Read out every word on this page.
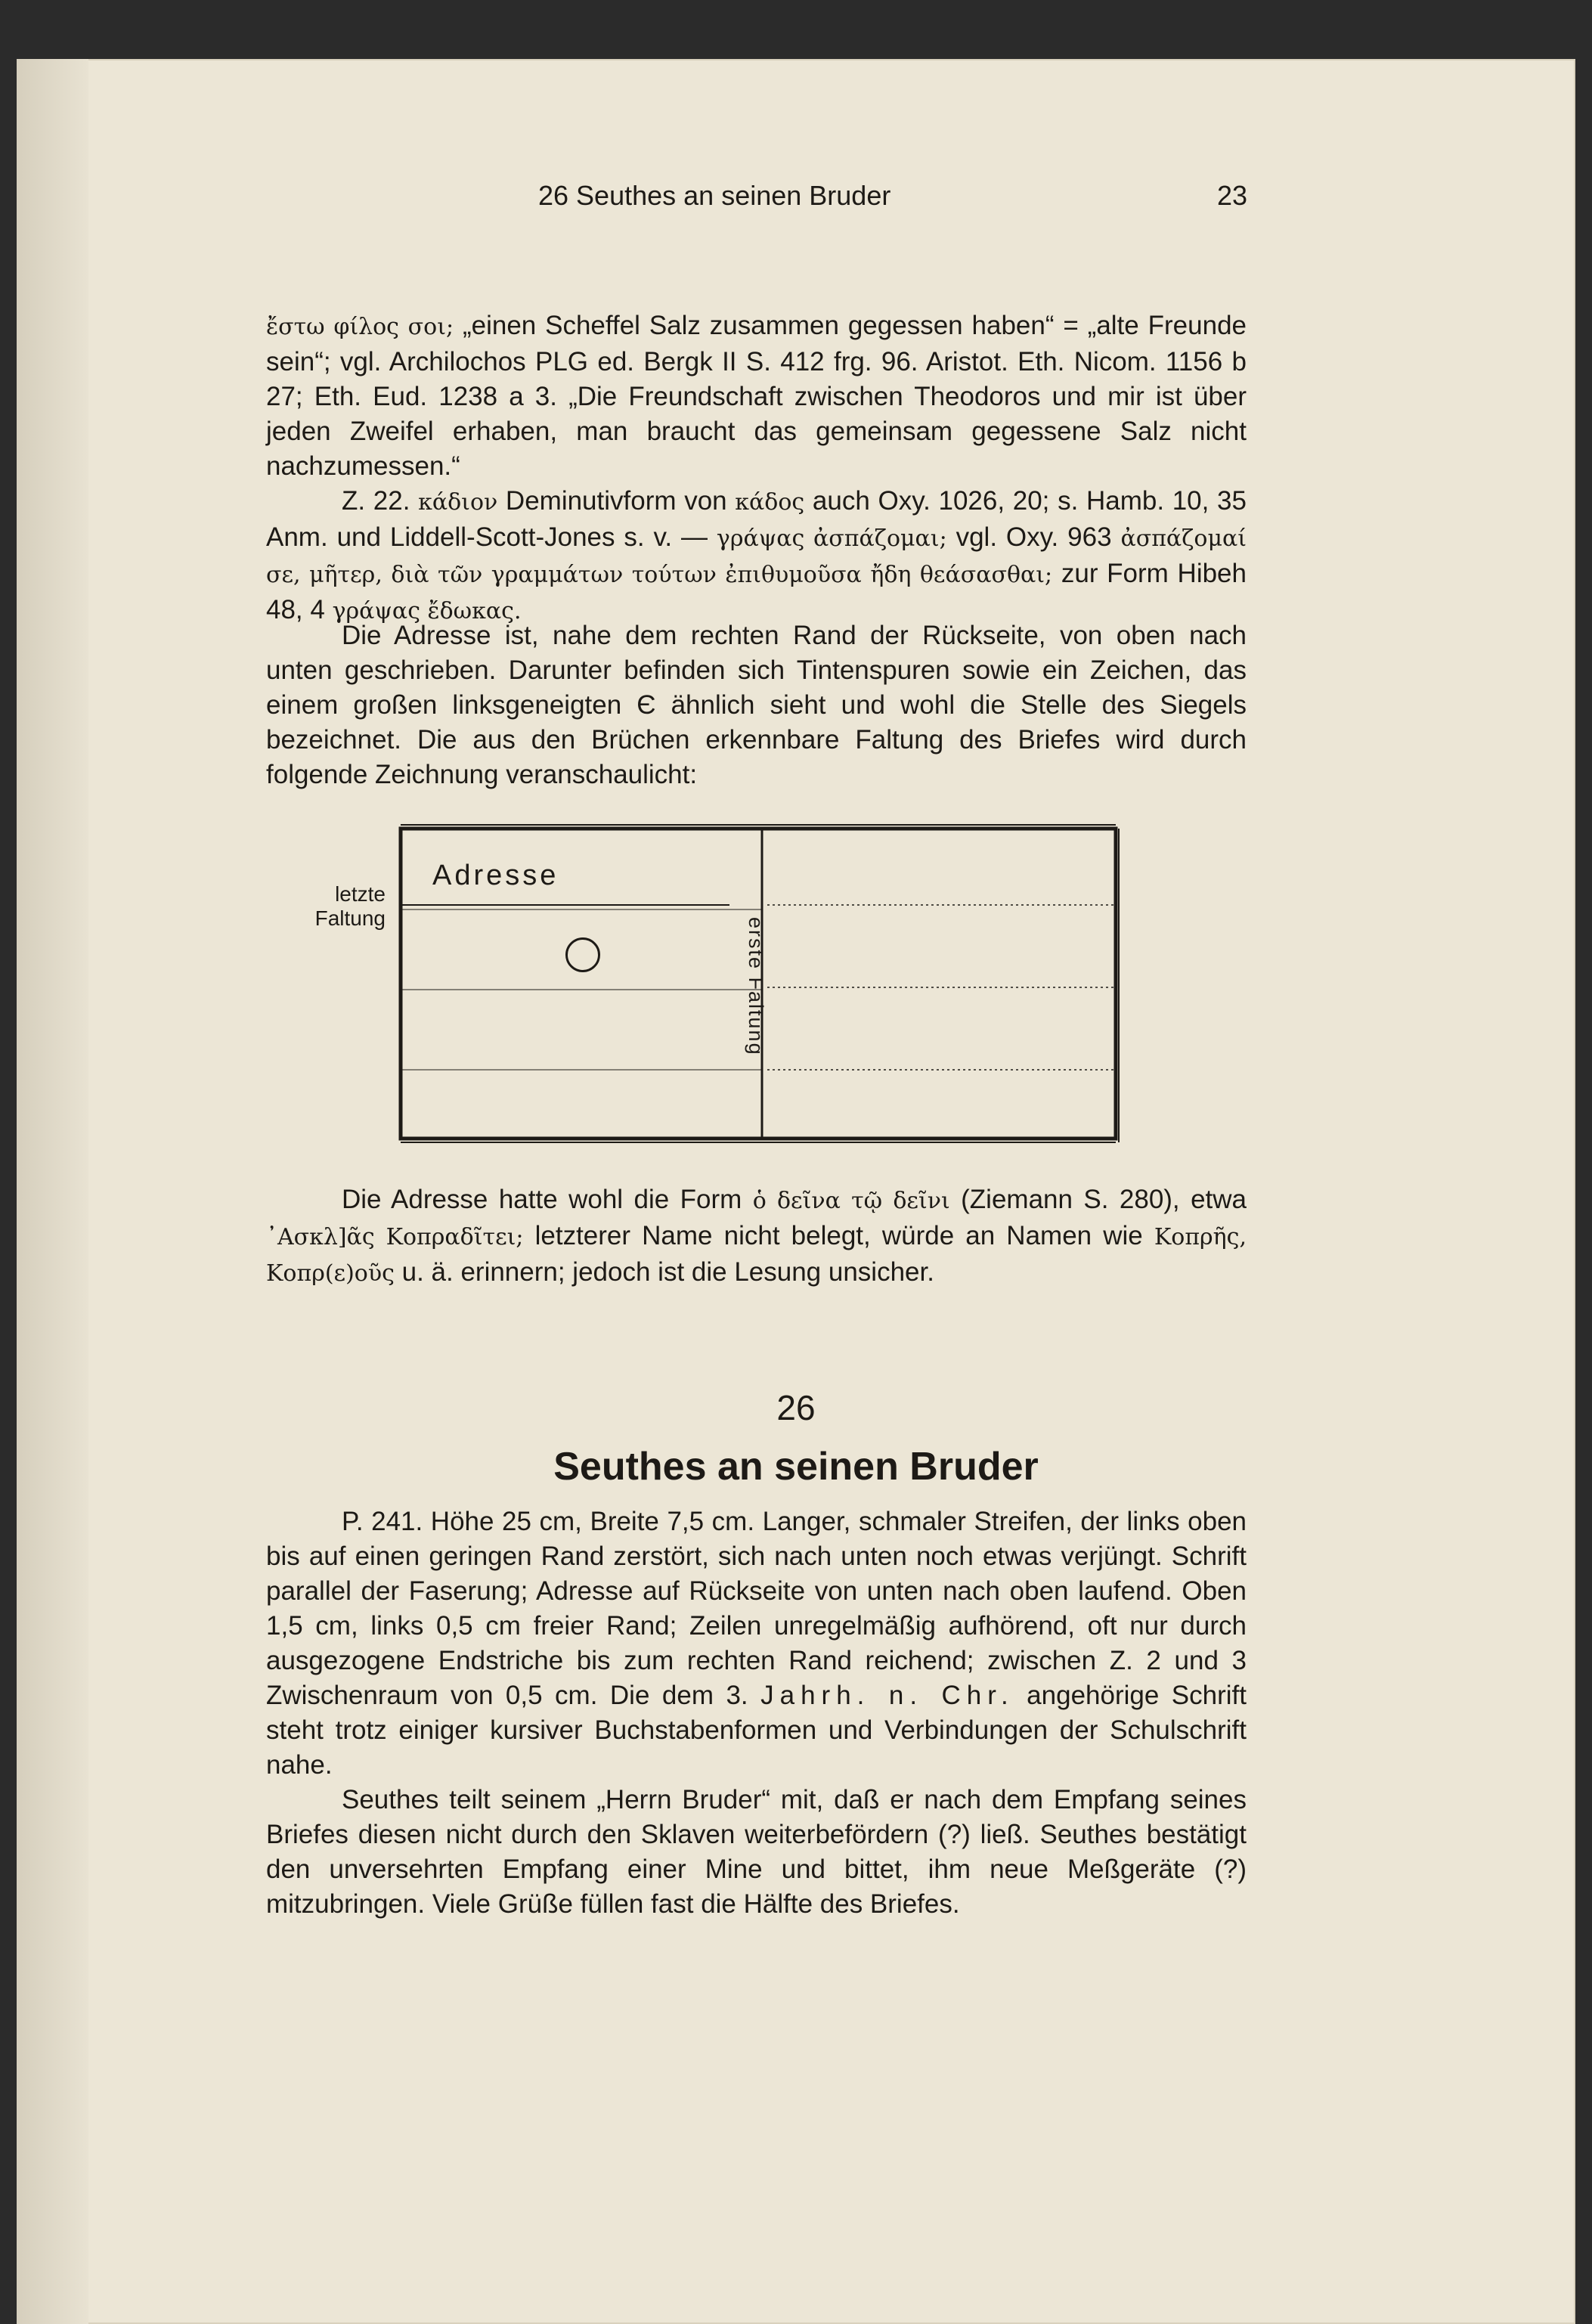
26 Seuthes an seinen Bruder	23

ἔστω φίλος σοι; „einen Scheffel Salz zusammen gegessen haben“ = „alte Freunde sein“; vgl. Archilochos PLG ed. Bergk II S. 412 frg. 96. Aristot. Eth. Nicom. 1156 b 27; Eth. Eud. 1238 a 3. „Die Freundschaft zwischen Theodoros und mir ist über jeden Zweifel erhaben, man braucht das gemeinsam gegessene Salz nicht nachzumessen.“

Z. 22. κάδιον Deminutivform von κάδος auch Oxy. 1026, 20; s. Hamb. 10, 35 Anm. und Liddell-Scott-Jones s. v. — γράψας ἀσπάζομαι; vgl. Oxy. 963 ἀσπάζομαί σε, μῆτερ, διὰ τῶν γραμμάτων τούτων ἐπιθυμοῦσα ἤδη θεάσασθαι; zur Form Hibeh 48, 4 γράψας ἔδωκας.

Die Adresse ist, nahe dem rechten Rand der Rückseite, von oben nach unten geschrieben. Darunter befinden sich Tintenspuren sowie ein Zeichen, das einem großen linksgeneigten Є ähnlich sieht und wohl die Stelle des Siegels bezeichnet. Die aus den Brüchen erkennbare Faltung des Briefes wird durch folgende Zeichnung veranschaulicht:

letzte Faltung
Adresse
erste Faltung

Die Adresse hatte wohl die Form ὁ δεῖνα τῷ δεῖνι (Ziemann S. 280), etwa ᾽Ασκλ]ᾶς Κοπραδῖτει; letzterer Name nicht belegt, würde an Namen wie Κοπρῆς, Κοπρ(ε)οῦς u. ä. erinnern; jedoch ist die Lesung unsicher.

26
Seuthes an seinen Bruder

P. 241. Höhe 25 cm, Breite 7,5 cm. Langer, schmaler Streifen, der links oben bis auf einen geringen Rand zerstört, sich nach unten noch etwas verjüngt. Schrift parallel der Faserung; Adresse auf Rückseite von unten nach oben laufend. Oben 1,5 cm, links 0,5 cm freier Rand; Zeilen unregelmäßig aufhörend, oft nur durch ausgezogene Endstriche bis zum rechten Rand reichend; zwischen Z. 2 und 3 Zwischenraum von 0,5 cm. Die dem 3. Jahrh. n. Chr. angehörige Schrift steht trotz einiger kursiver Buchstabenformen und Verbindungen der Schulschrift nahe.

Seuthes teilt seinem „Herrn Bruder“ mit, daß er nach dem Empfang seines Briefes diesen nicht durch den Sklaven weiterbefördern (?) ließ. Seuthes bestätigt den unversehrten Empfang einer Mine und bittet, ihm neue Meßgeräte (?) mitzubringen. Viele Grüße füllen fast die Hälfte des Briefes.
